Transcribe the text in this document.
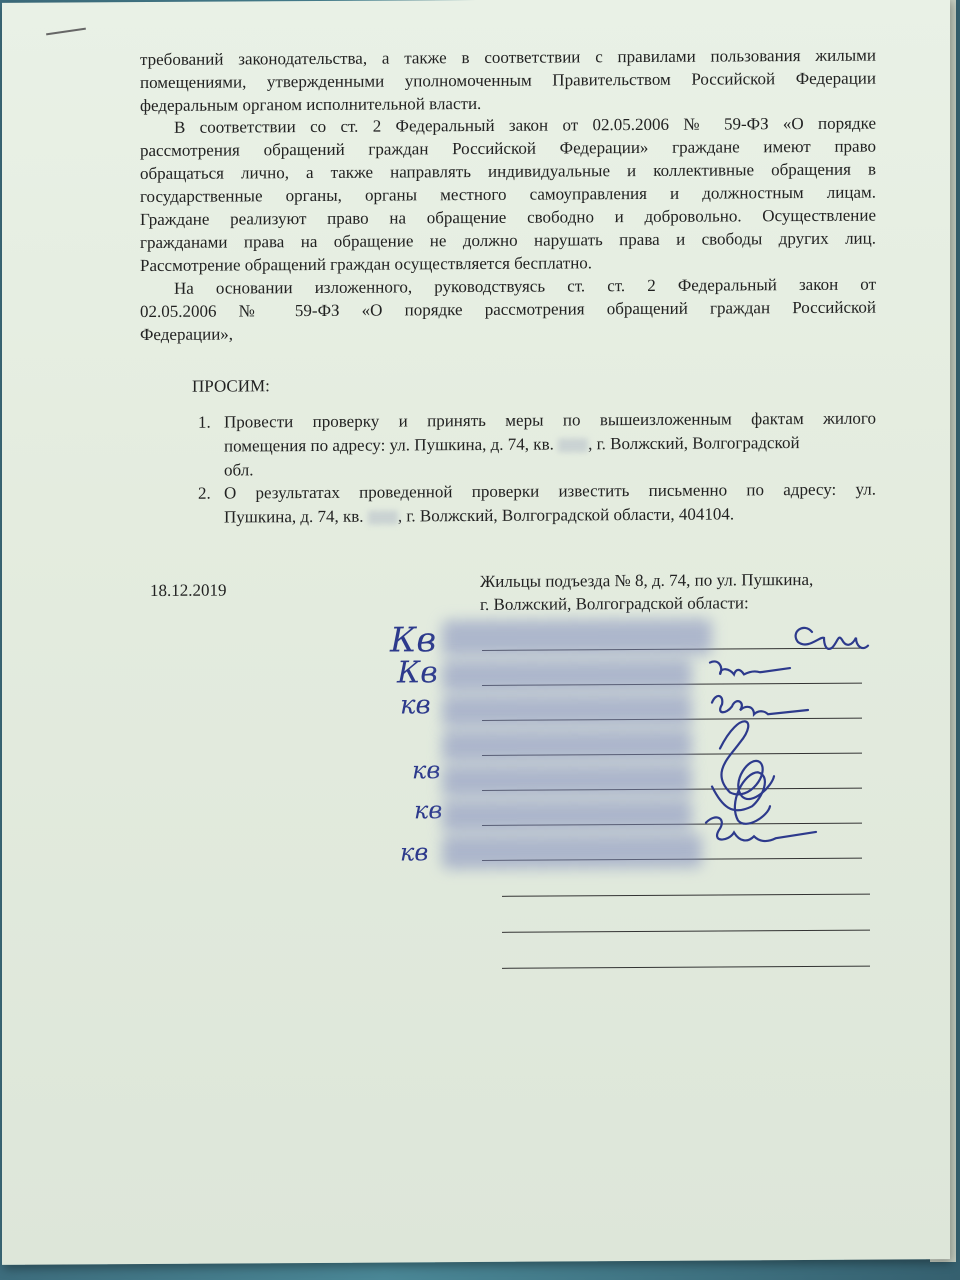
требований законодательства, а также в соответствии с правилами пользования жилыми
помещениями, утвержденными уполномоченным Правительством Российской Федерации
федеральным органом исполнительной власти.
В соответствии со ст. 2 Федеральный закон от 02.05.2006 № 59-ФЗ «О порядке
рассмотрения обращений граждан Российской Федерации» граждане имеют право
обращаться лично, а также направлять индивидуальные и коллективные обращения в
государственные органы, органы местного самоуправления и должностным лицам.
Граждане реализуют право на обращение свободно и добровольно. Осуществление
гражданами права на обращение не должно нарушать права и свободы других лиц.
Рассмотрение обращений граждан осуществляется бесплатно.
На основании изложенного, руководствуясь ст. ст. 2 Федеральный закон от
02.05.2006 № 59-ФЗ «О порядке рассмотрения обращений граждан Российской
Федерации»,
ПРОСИМ:
1. Провести проверку и принять меры по вышеизложенным фактам жилого
помещения по адресу: ул. Пушкина, д. 74, кв. , г. Волжский, Волгоградской
обл.
2. О результатах проведенной проверки известить письменно по адресу: ул.
Пушкина, д. 74, кв. , г. Волжский, Волгоградской области, 404104.
18.12.2019	Жильцы подъезда № 8, д. 74, по ул. Пушкина,
г. Волжский, Волгоградской области:
Кв
Кв
кв
кв
кв
кв
